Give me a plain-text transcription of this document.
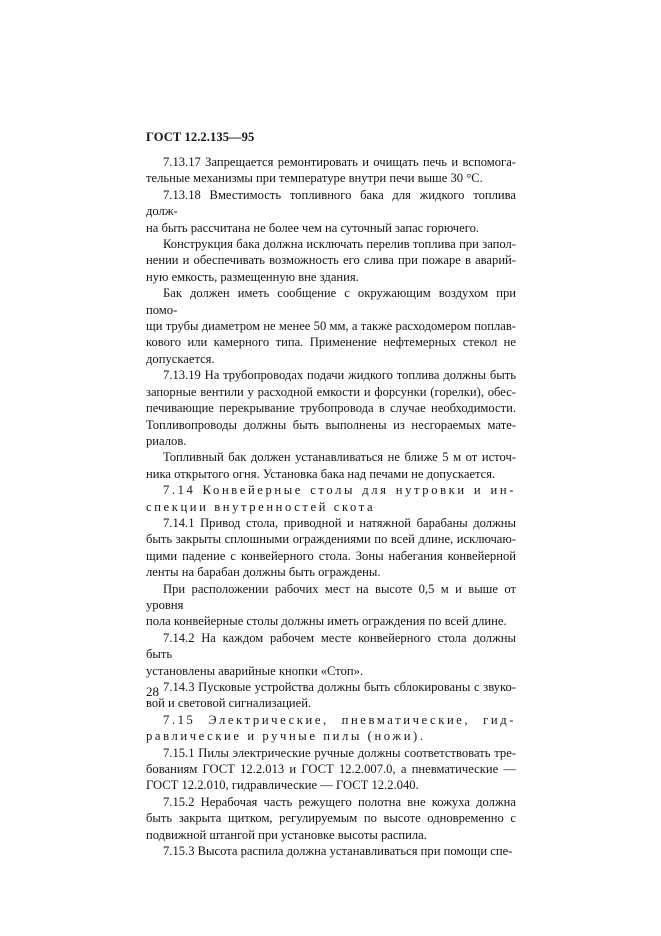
ГОСТ 12.2.135—95

7.13.17 Запрещается ремонтировать и очищать печь и вспомога-
тельные механизмы при температуре внутри печи выше 30 °С.

7.13.18 Вместимость топливного бака для жидкого топлива долж-
на быть рассчитана не более чем на суточный запас горючего.

Конструкция бака должна исключать перелив топлива при запол-
нении и обеспечивать возможность его слива при пожаре в аварий-
ную емкость, размещенную вне здания.

Бак должен иметь сообщение с окружающим воздухом при помо-
щи трубы диаметром не менее 50 мм, а также расходомером поплав-
кового или камерного типа. Применение нефтемерных стекол не
допускается.

7.13.19 На трубопроводах подачи жидкого топлива должны быть
запорные вентили у расходной емкости и форсунки (горелки), обес-
печивающие перекрывание трубопровода в случае необходимости.
Топливопроводы должны быть выполнены из несгораемых мате-
риалов.

Топливный бак должен устанавливаться не ближе 5 м от источ-
ника открытого огня. Установка бака над печами не допускается.

7.14 Конвейерные столы для нутровки и ин-
спекции внутренностей скота

7.14.1 Привод стола, приводной и натяжной барабаны должны
быть закрыты сплошными ограждениями по всей длине, исключаю-
щими падение с конвейерного стола. Зоны набегания конвейерной
ленты на барабан должны быть ограждены.

При расположении рабочих мест на высоте 0,5 м и выше от уровня
пола конвейерные столы должны иметь ограждения по всей длине.

7.14.2 На каждом рабочем месте конвейерного стола должны быть
установлены аварийные кнопки «Стоп».

7.14.3 Пусковые устройства должны быть сблокированы с звуко-
вой и световой сигнализацией.

7.15 Электрические, пневматические, гид-
равлические и ручные пилы (ножи).

7.15.1 Пилы электрические ручные должны соответствовать тре-
бованиям ГОСТ 12.2.013 и ГОСТ 12.2.007.0, а пневматические —
ГОСТ 12.2.010, гидравлические — ГОСТ 12.2.040.

7.15.2 Нерабочая часть режущего полотна вне кожуха должна
быть закрыта щитком, регулируемым по высоте одновременно с
подвижной штангой при установке высоты распила.

7.15.3 Высота распила должна устанавливаться при помощи спе-

28
